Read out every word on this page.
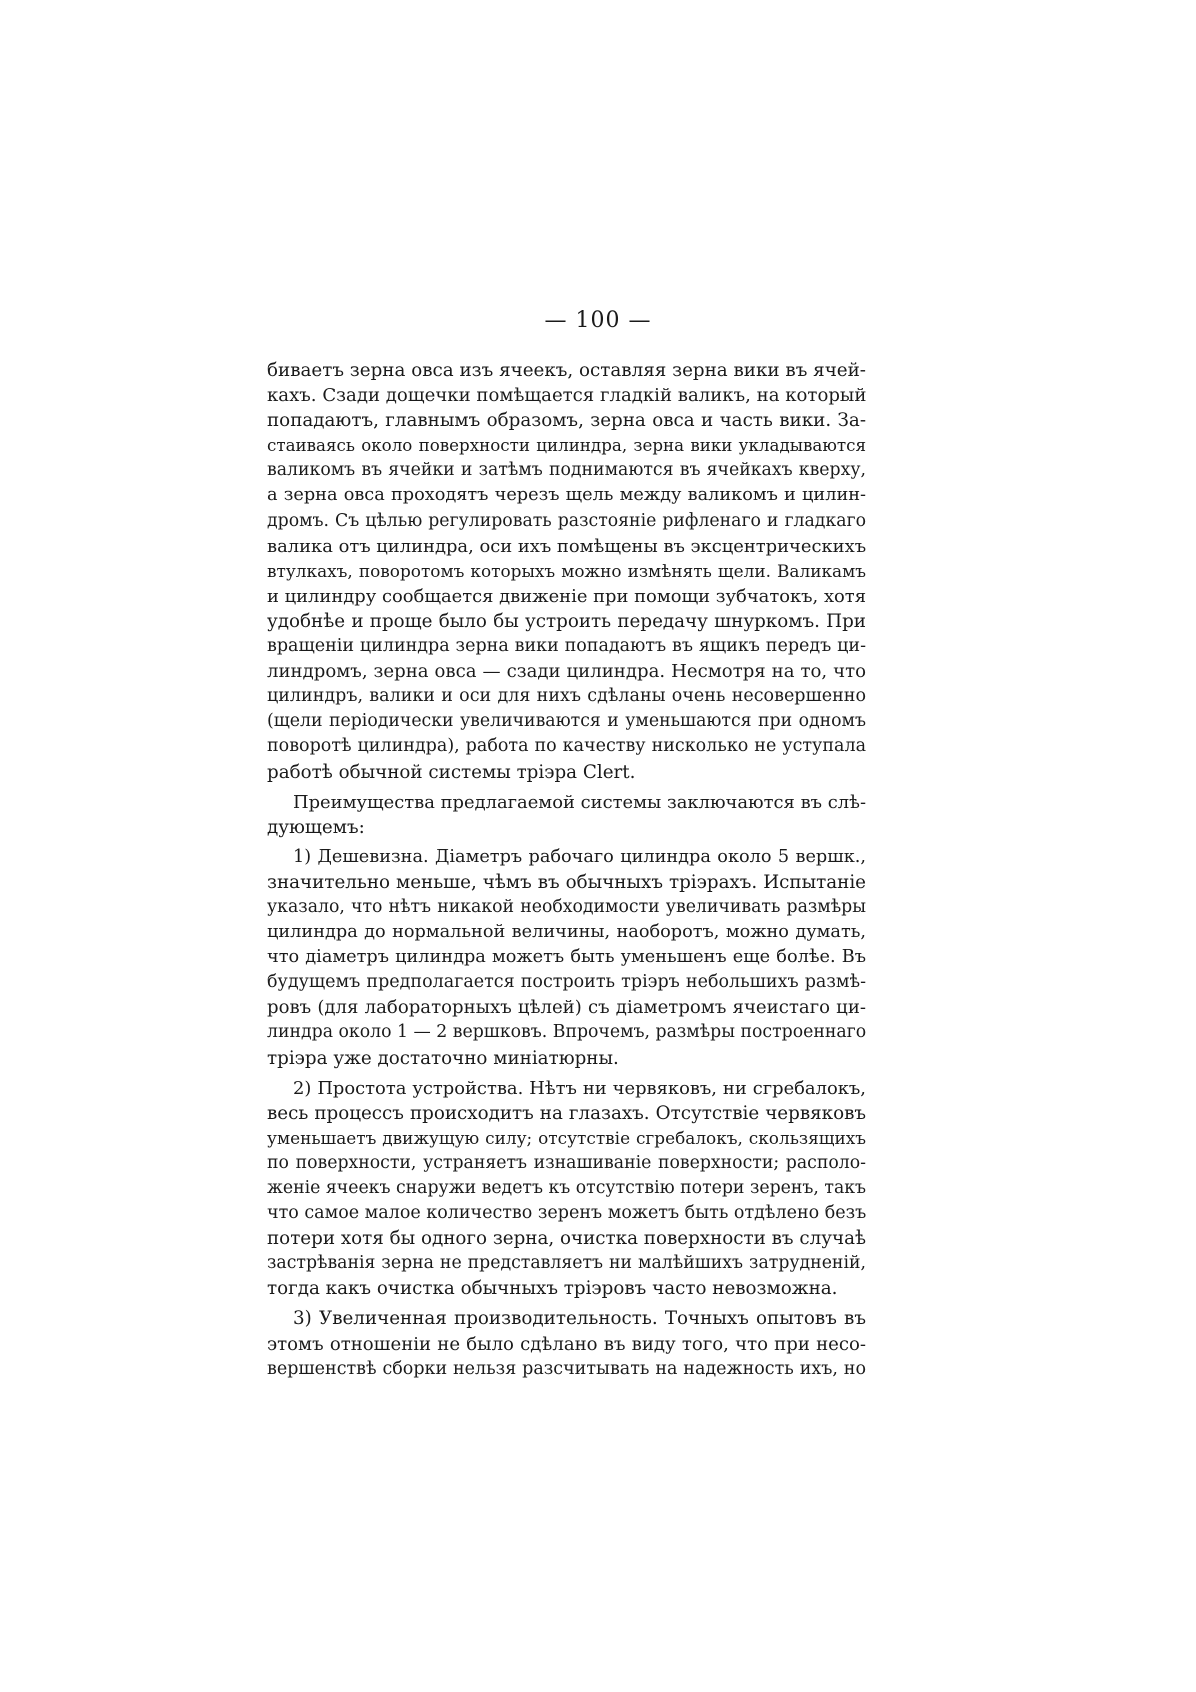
— 100 —

биваетъ зерна овса изъ ячеекъ, оставляя зерна вики въ ячей-
кахъ. Сзади дощечки помѣщается гладкій валикъ, на который
попадаютъ, главнымъ образомъ, зерна овса и часть вики. За-
стаиваясь около поверхности цилиндра, зерна вики укладываются
валикомъ въ ячейки и затѣмъ поднимаются въ ячейкахъ кверху,
а зерна овса проходятъ черезъ щель между валикомъ и цилин-
дромъ. Съ цѣлью регулировать разстояніе рифленаго и гладкаго
валика отъ цилиндра, оси ихъ помѣщены въ эксцентрическихъ
втулкахъ, поворотомъ которыхъ можно измѣнять щели. Валикамъ
и цилиндру сообщается движеніе при помощи зубчатокъ, хотя
удобнѣе и проще было бы устроить передачу шнуркомъ. При
вращеніи цилиндра зерна вики попадаютъ въ ящикъ передъ ци-
линдромъ, зерна овса — сзади цилиндра. Несмотря на то, что
цилиндръ, валики и оси для нихъ сдѣланы очень несовершенно
(щели періодически увеличиваются и уменьшаются при одномъ
поворотѣ цилиндра), работа по качеству нисколько не уступала
работѣ обычной системы тріэра Clert.

Преимущества предлагаемой системы заключаются въ слѣ-
дующемъ:

1) Дешевизна. Діаметръ рабочаго цилиндра около 5 вершк.,
значительно меньше, чѣмъ въ обычныхъ тріэрахъ. Испытаніе
указало, что нѣтъ никакой необходимости увеличивать размѣры
цилиндра до нормальной величины, наоборотъ, можно думать,
что діаметръ цилиндра можетъ быть уменьшенъ еще болѣе. Въ
будущемъ предполагается построить тріэръ небольшихъ размѣ-
ровъ (для лабораторныхъ цѣлей) съ діаметромъ ячеистаго ци-
линдра около 1 — 2 вершковъ. Впрочемъ, размѣры построеннаго
тріэра уже достаточно миніатюрны.

2) Простота устройства. Нѣтъ ни червяковъ, ни сгребалокъ,
весь процессъ происходитъ на глазахъ. Отсутствіе червяковъ
уменьшаетъ движущую силу; отсутствіе сгребалокъ, скользящихъ
по поверхности, устраняетъ изнашиваніе поверхности; располо-
женіе ячеекъ снаружи ведетъ къ отсутствію потери зеренъ, такъ
что самое малое количество зеренъ можетъ быть отдѣлено безъ
потери хотя бы одного зерна, очистка поверхности въ случаѣ
застрѣванія зерна не представляетъ ни малѣйшихъ затрудненій,
тогда какъ очистка обычныхъ тріэровъ часто невозможна.

3) Увеличенная производительность. Точныхъ опытовъ въ
этомъ отношеніи не было сдѣлано въ виду того, что при несо-
вершенствѣ сборки нельзя разсчитывать на надежность ихъ, но
